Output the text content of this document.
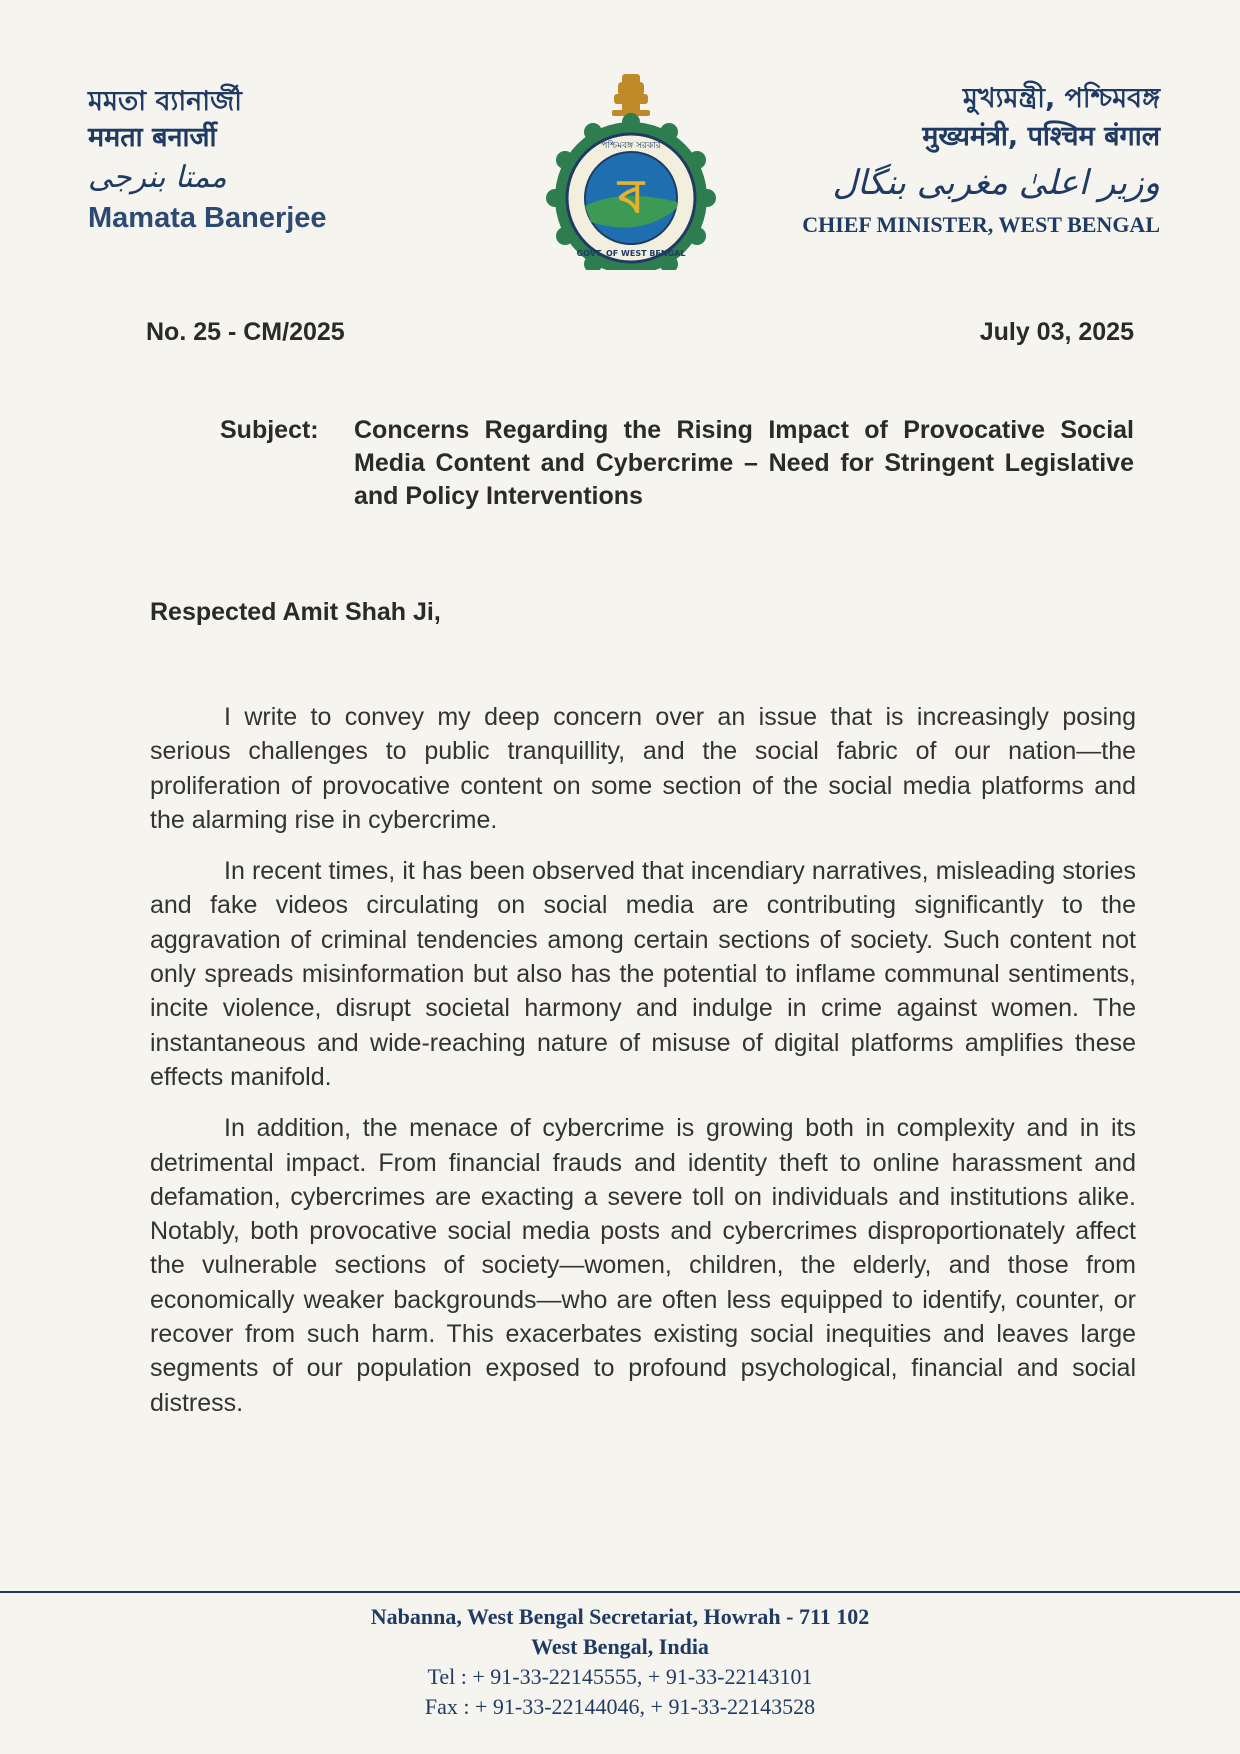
মমতা ব্যানার্জী
ममता बनार्जी
ممتا بنرجی
Mamata Banerjee	ব
পশ্চিমবঙ্গ সরকার
GOVT. OF WEST BENGAL
মুখ্যমন্ত্রী, পশ্চিমবঙ্গ
मुख्यमंत्री, पश्चिम बंगाल
وزیر اعلیٰ مغربی بنگال
CHIEF MINISTER, WEST BENGAL
No. 25 - CM/2025	July 03, 2025
Subject:	Concerns Regarding the Rising Impact of Provocative Social Media Content and Cybercrime – Need for Stringent Legislative and Policy Interventions
Respected Amit Shah Ji,

I write to convey my deep concern over an issue that is increasingly posing serious challenges to public tranquillity, and the social fabric of our nation—the proliferation of provocative content on some section of the social media platforms and the alarming rise in cybercrime.

In recent times, it has been observed that incendiary narratives, misleading stories and fake videos circulating on social media are contributing significantly to the aggravation of criminal tendencies among certain sections of society. Such content not only spreads misinformation but also has the potential to inflame communal sentiments, incite violence, disrupt societal harmony and indulge in crime against women. The instantaneous and wide-reaching nature of misuse of digital platforms amplifies these effects manifold.

In addition, the menace of cybercrime is growing both in complexity and in its detrimental impact. From financial frauds and identity theft to online harassment and defamation, cybercrimes are exacting a severe toll on individuals and institutions alike. Notably, both provocative social media posts and cybercrimes disproportionately affect the vulnerable sections of society—women, children, the elderly, and those from economically weaker backgrounds—who are often less equipped to identify, counter, or recover from such harm. This exacerbates existing social inequities and leaves large segments of our population exposed to profound psychological, financial and social distress.

Nabanna, West Bengal Secretariat, Howrah - 711 102
West Bengal, India
Tel : + 91-33-22145555, + 91-33-22143101
Fax : + 91-33-22144046, + 91-33-22143528
